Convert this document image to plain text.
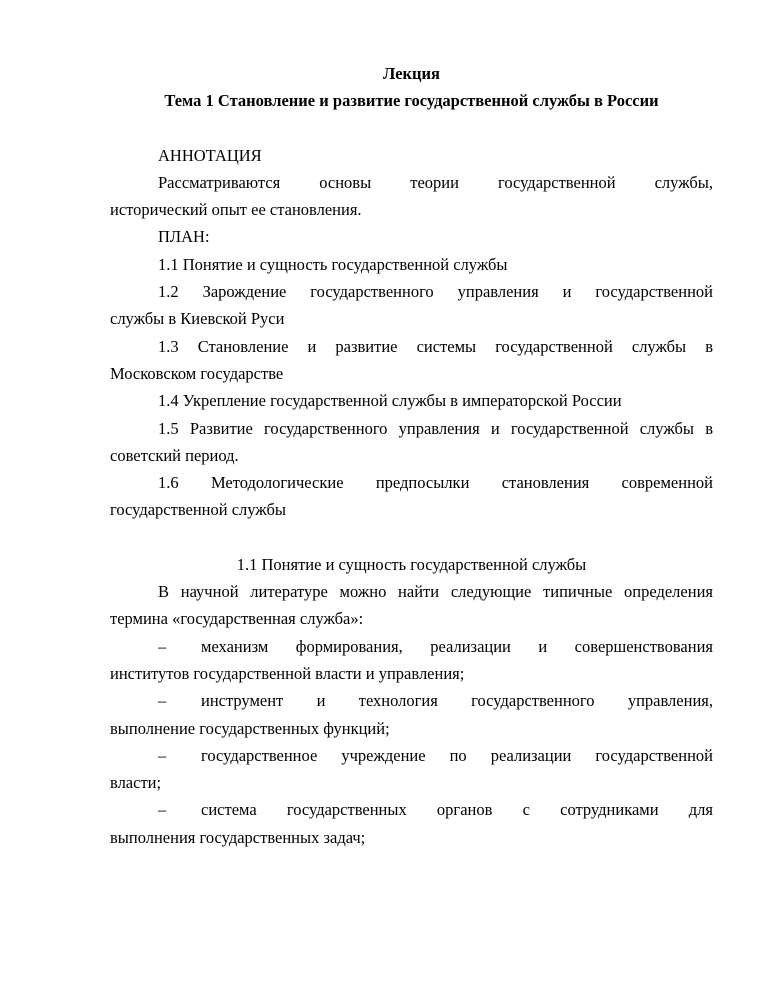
Лекция

Тема 1 Становление и развитие государственной службы в России

АННОТАЦИЯ

Рассматриваются основы теории государственной службы,

исторический опыт ее становления.

ПЛАН:

1.1 Понятие и сущность государственной службы

1.2 Зарождение государственного управления и государственной

службы в Киевской Руси

1.3 Становление и развитие системы государственной службы в

Московском государстве

1.4 Укрепление государственной службы в императорской России

1.5 Развитие государственного управления и государственной службы в

советский период.

1.6 Методологические предпосылки становления современной

государственной службы

1.1 Понятие и сущность государственной службы

В научной литературе можно найти следующие типичные определения

термина «государственная служба»:

– механизм формирования, реализации и совершенствования

институтов государственной власти и управления;

– инструмент и технология государственного управления,

выполнение государственных функций;

– государственное учреждение по реализации государственной

власти;

– система государственных органов с сотрудниками для

выполнения государственных задач;
